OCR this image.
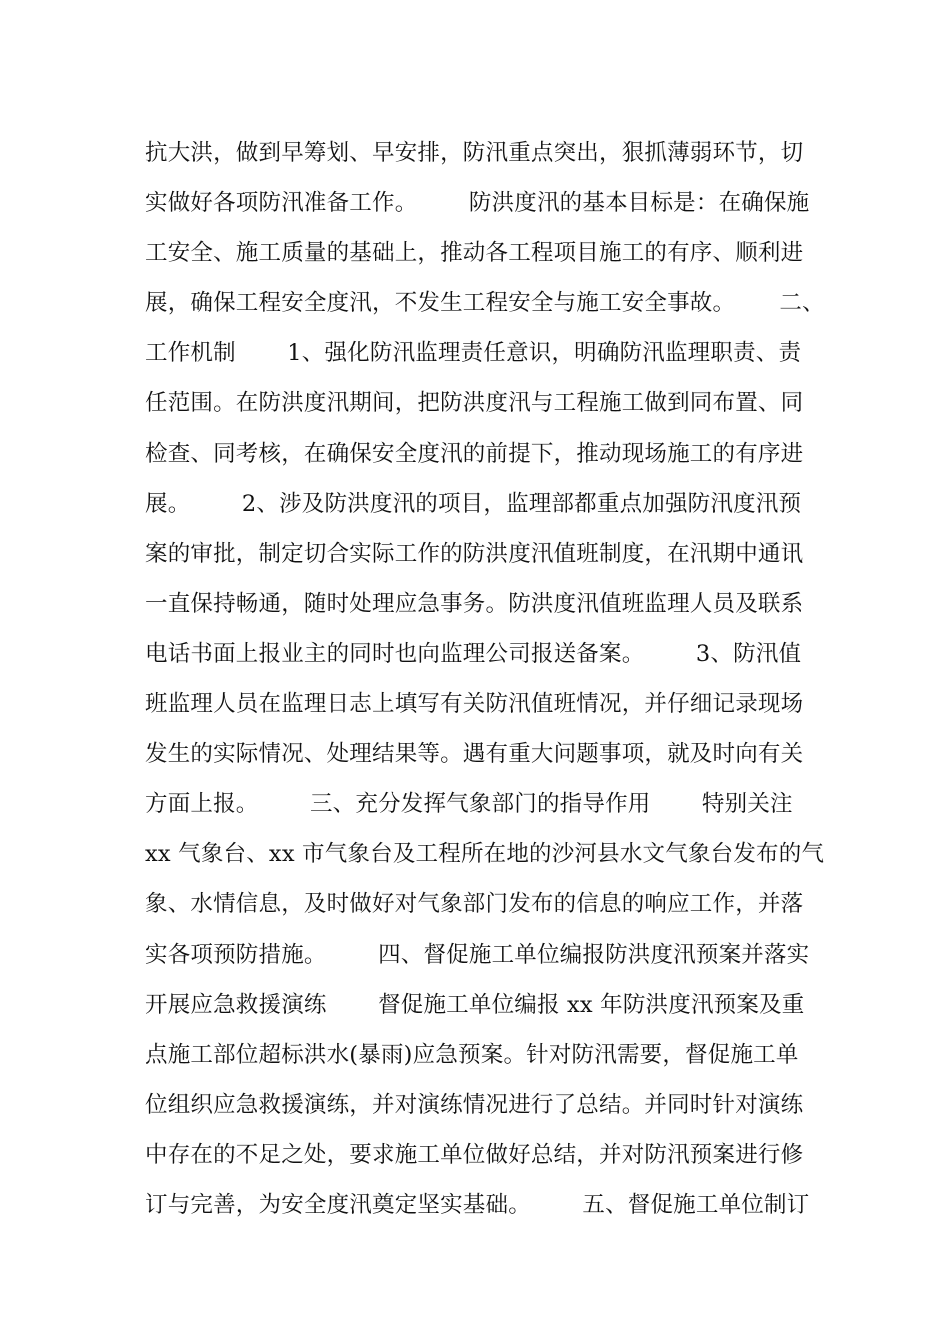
抗大洪，做到早筹划、早安排，防汛重点突出，狠抓薄弱环节，切
实做好各项防汛准备工作。       防洪度汛的基本目标是：在确保施
工安全、施工质量的基础上，推动各工程项目施工的有序、顺利进
展，确保工程安全度汛，不发生工程安全与施工安全事故。      二、
工作机制       1、强化防汛监理责任意识，明确防汛监理职责、责
任范围。在防洪度汛期间，把防洪度汛与工程施工做到同布置、同
检查、同考核，在确保安全度汛的前提下，推动现场施工的有序进
展。       2、涉及防洪度汛的项目，监理部都重点加强防汛度汛预
案的审批，制定切合实际工作的防洪度汛值班制度，在汛期中通讯
一直保持畅通，随时处理应急事务。防洪度汛值班监理人员及联系
电话书面上报业主的同时也向监理公司报送备案。       3、防汛值
班监理人员在监理日志上填写有关防汛值班情况，并仔细记录现场
发生的实际情况、处理结果等。遇有重大问题事项，就及时向有关
方面上报。       三、充分发挥气象部门的指导作用       特别关注
xx 气象台、xx 市气象台及工程所在地的沙河县水文气象台发布的气
象、水情信息，及时做好对气象部门发布的信息的响应工作，并落
实各项预防措施。       四、督促施工单位编报防洪度汛预案并落实
开展应急救援演练       督促施工单位编报 xx 年防洪度汛预案及重
点施工部位超标洪水(暴雨)应急预案。针对防汛需要，督促施工单
位组织应急救援演练，并对演练情况进行了总结。并同时针对演练
中存在的不足之处，要求施工单位做好总结，并对防汛预案进行修
订与完善，为安全度汛奠定坚实基础。       五、督促施工单位制订
